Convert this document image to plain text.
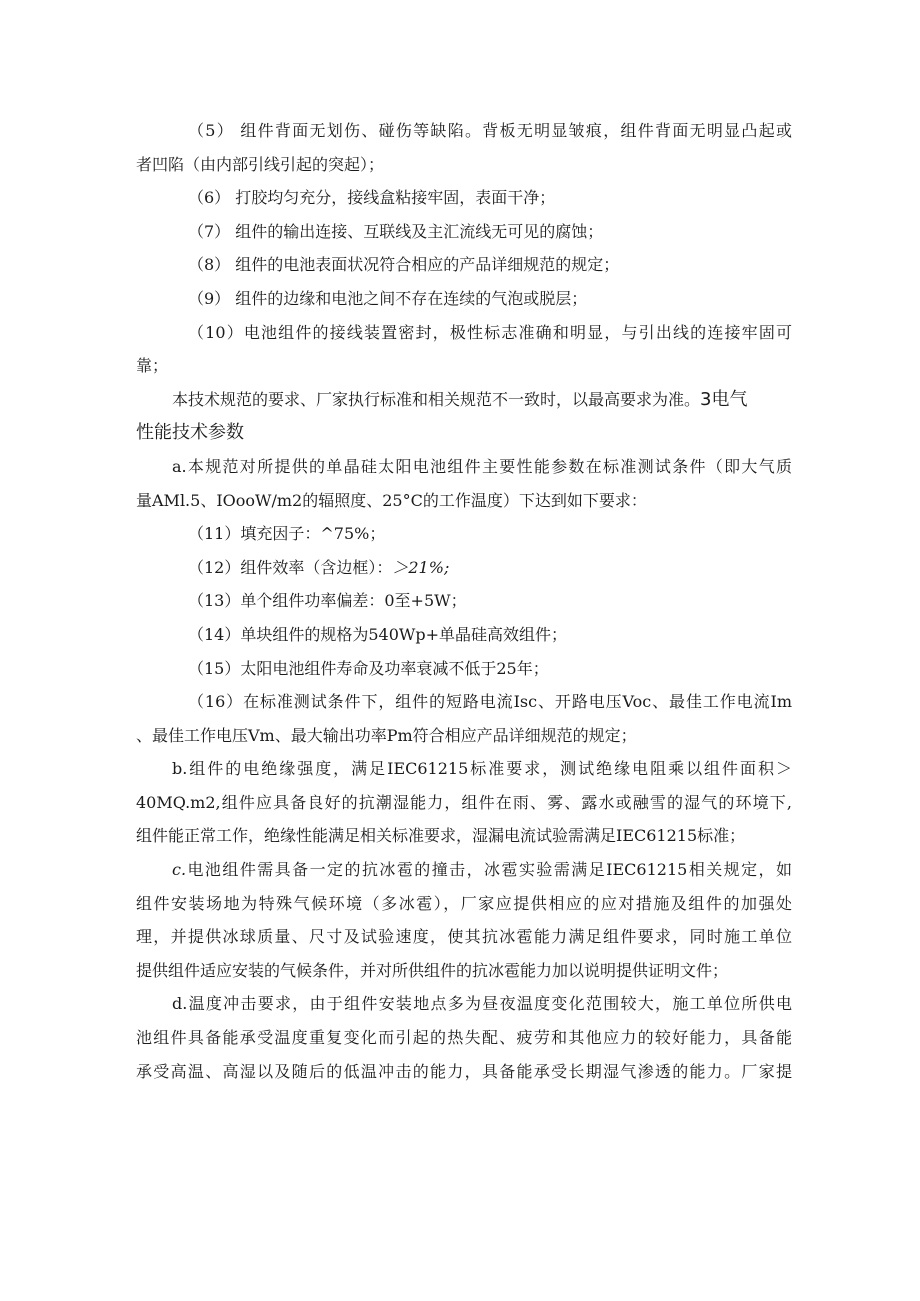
（5） 组件背面无划伤、碰伤等缺陷。背板无明显皱痕，组件背面无明显凸起或
者凹陷（由内部引线引起的突起）；
（6） 打胶均匀充分，接线盒粘接牢固，表面干净；
（7） 组件的输出连接、互联线及主汇流线无可见的腐蚀；
（8） 组件的电池表面状况符合相应的产品详细规范的规定；
（9） 组件的边缘和电池之间不存在连续的气泡或脱层；
（10）电池组件的接线装置密封，极性标志准确和明显，与引出线的连接牢固可
靠；
本技术规范的要求、厂家执行标准和相关规范不一致时，以最高要求为准。3电气
性能技术参数
a.本规范对所提供的单晶硅太阳电池组件主要性能参数在标准测试条件（即大气质
量AMl.5、IOooW/m2的辐照度、25°C的工作温度）下达到如下要求：
（11）填充因子：^75%；
（12）组件效率（含边框）：＞21%;
（13）单个组件功率偏差：0至+5W；
（14）单块组件的规格为540Wp+单晶硅高效组件；
（15）太阳电池组件寿命及功率衰减不低于25年；
（16）在标准测试条件下，组件的短路电流Isc、开路电压Voc、最佳工作电流Im
、最佳工作电压Vm、最大输出功率Pm符合相应产品详细规范的规定；
b.组件的电绝缘强度，满足IEC61215标准要求，测试绝缘电阻乘以组件面积＞
40MQ.m2,组件应具备良好的抗潮湿能力，组件在雨、雾、露水或融雪的湿气的环境下,
组件能正常工作，绝缘性能满足相关标准要求，湿漏电流试验需满足IEC61215标准；
c.电池组件需具备一定的抗冰雹的撞击，冰雹实验需满足IEC61215相关规定，如
组件安装场地为特殊气候环境（多冰雹），厂家应提供相应的应对措施及组件的加强处
理，并提供冰球质量、尺寸及试验速度，使其抗冰雹能力满足组件要求，同时施工单位
提供组件适应安装的气候条件，并对所供组件的抗冰雹能力加以说明提供证明文件；
d.温度冲击要求，由于组件安装地点多为昼夜温度变化范围较大，施工单位所供电
池组件具备能承受温度重复变化而引起的热失配、疲劳和其他应力的较好能力，具备能
承受高温、高湿以及随后的低温冲击的能力，具备能承受长期湿气渗透的能力。厂家提
